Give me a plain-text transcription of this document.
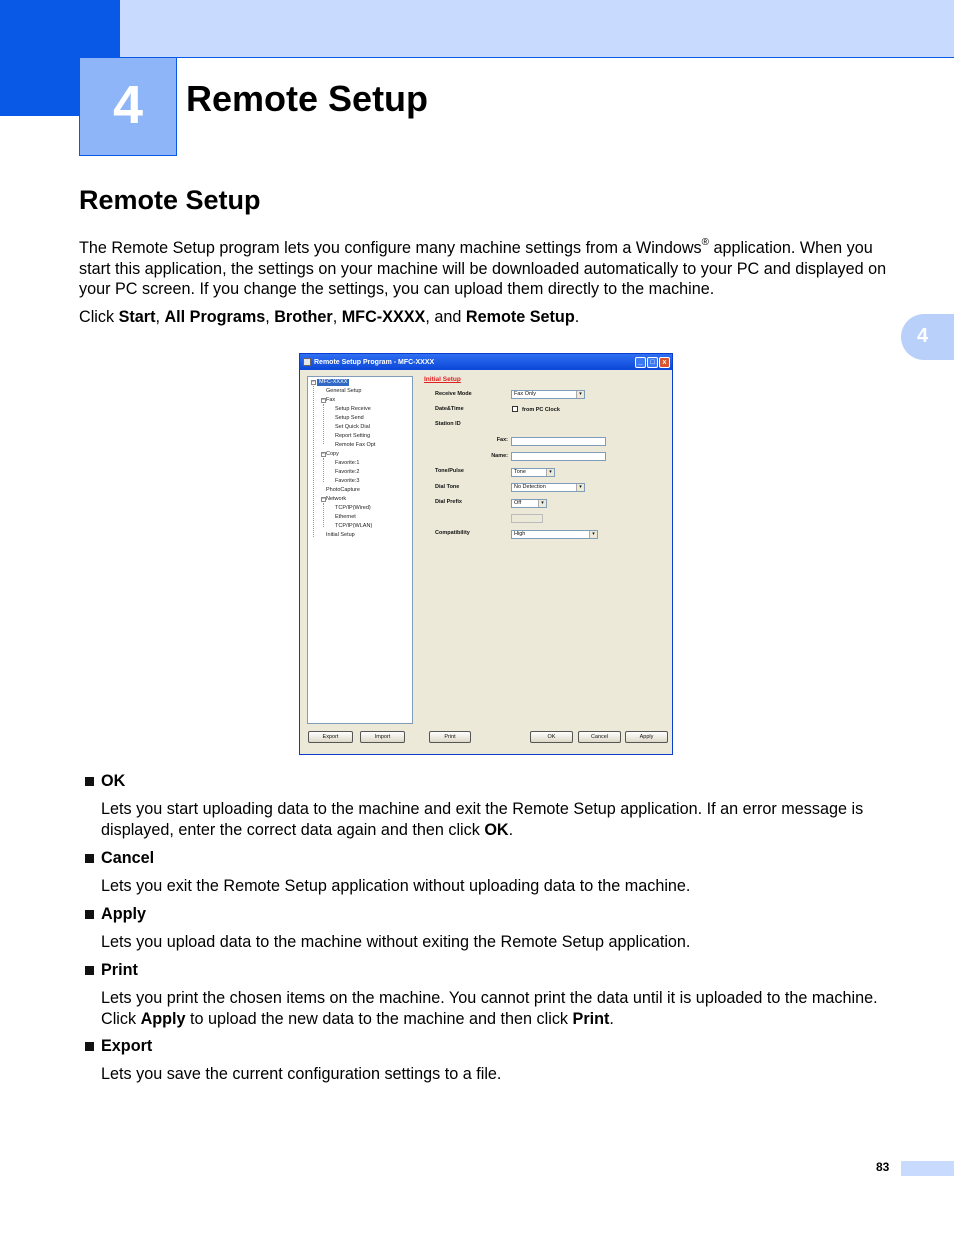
4	Remote Setup
4
Remote Setup

The Remote Setup program lets you configure many machine settings from a Windows® application. When you start this application, the settings on your machine will be downloaded automatically to your PC and displayed on your PC screen. If you change the settings, you can upload them directly to the machine.

Click Start, All Programs, Brother, MFC-XXXX, and Remote Setup.

Remote Setup Program - MFC-XXXX	_	□	x
− MFC-XXXX
General Setup
− Fax
Setup Receive
Setup Send
Set Quick Dial
Report Setting
Remote Fax Opt
− Copy
Favorite:1
Favorite:2
Favorite:3
PhotoCapture
− Network
TCP/IP(Wired)
Ethernet
TCP/IP(WLAN)
Initial Setup
Initial Setup
Receive Mode	Fax Only	▾
Date&Time	from PC Clock
Station ID
Fax:
Name:
Tone/Pulse	Tone	▾
Dial Tone	No Detection	▾
Dial Prefix	Off	▾
Compatibility	High	▾
Export	Import	Print	OK	Cancel	Apply
OK

Lets you start uploading data to the machine and exit the Remote Setup application. If an error message is displayed, enter the correct data again and then click OK.

Cancel

Lets you exit the Remote Setup application without uploading data to the machine.

Apply

Lets you upload data to the machine without exiting the Remote Setup application.

Print

Lets you print the chosen items on the machine. You cannot print the data until it is uploaded to the machine. Click Apply to upload the new data to the machine and then click Print.

Export

Lets you save the current configuration settings to a file.

83
